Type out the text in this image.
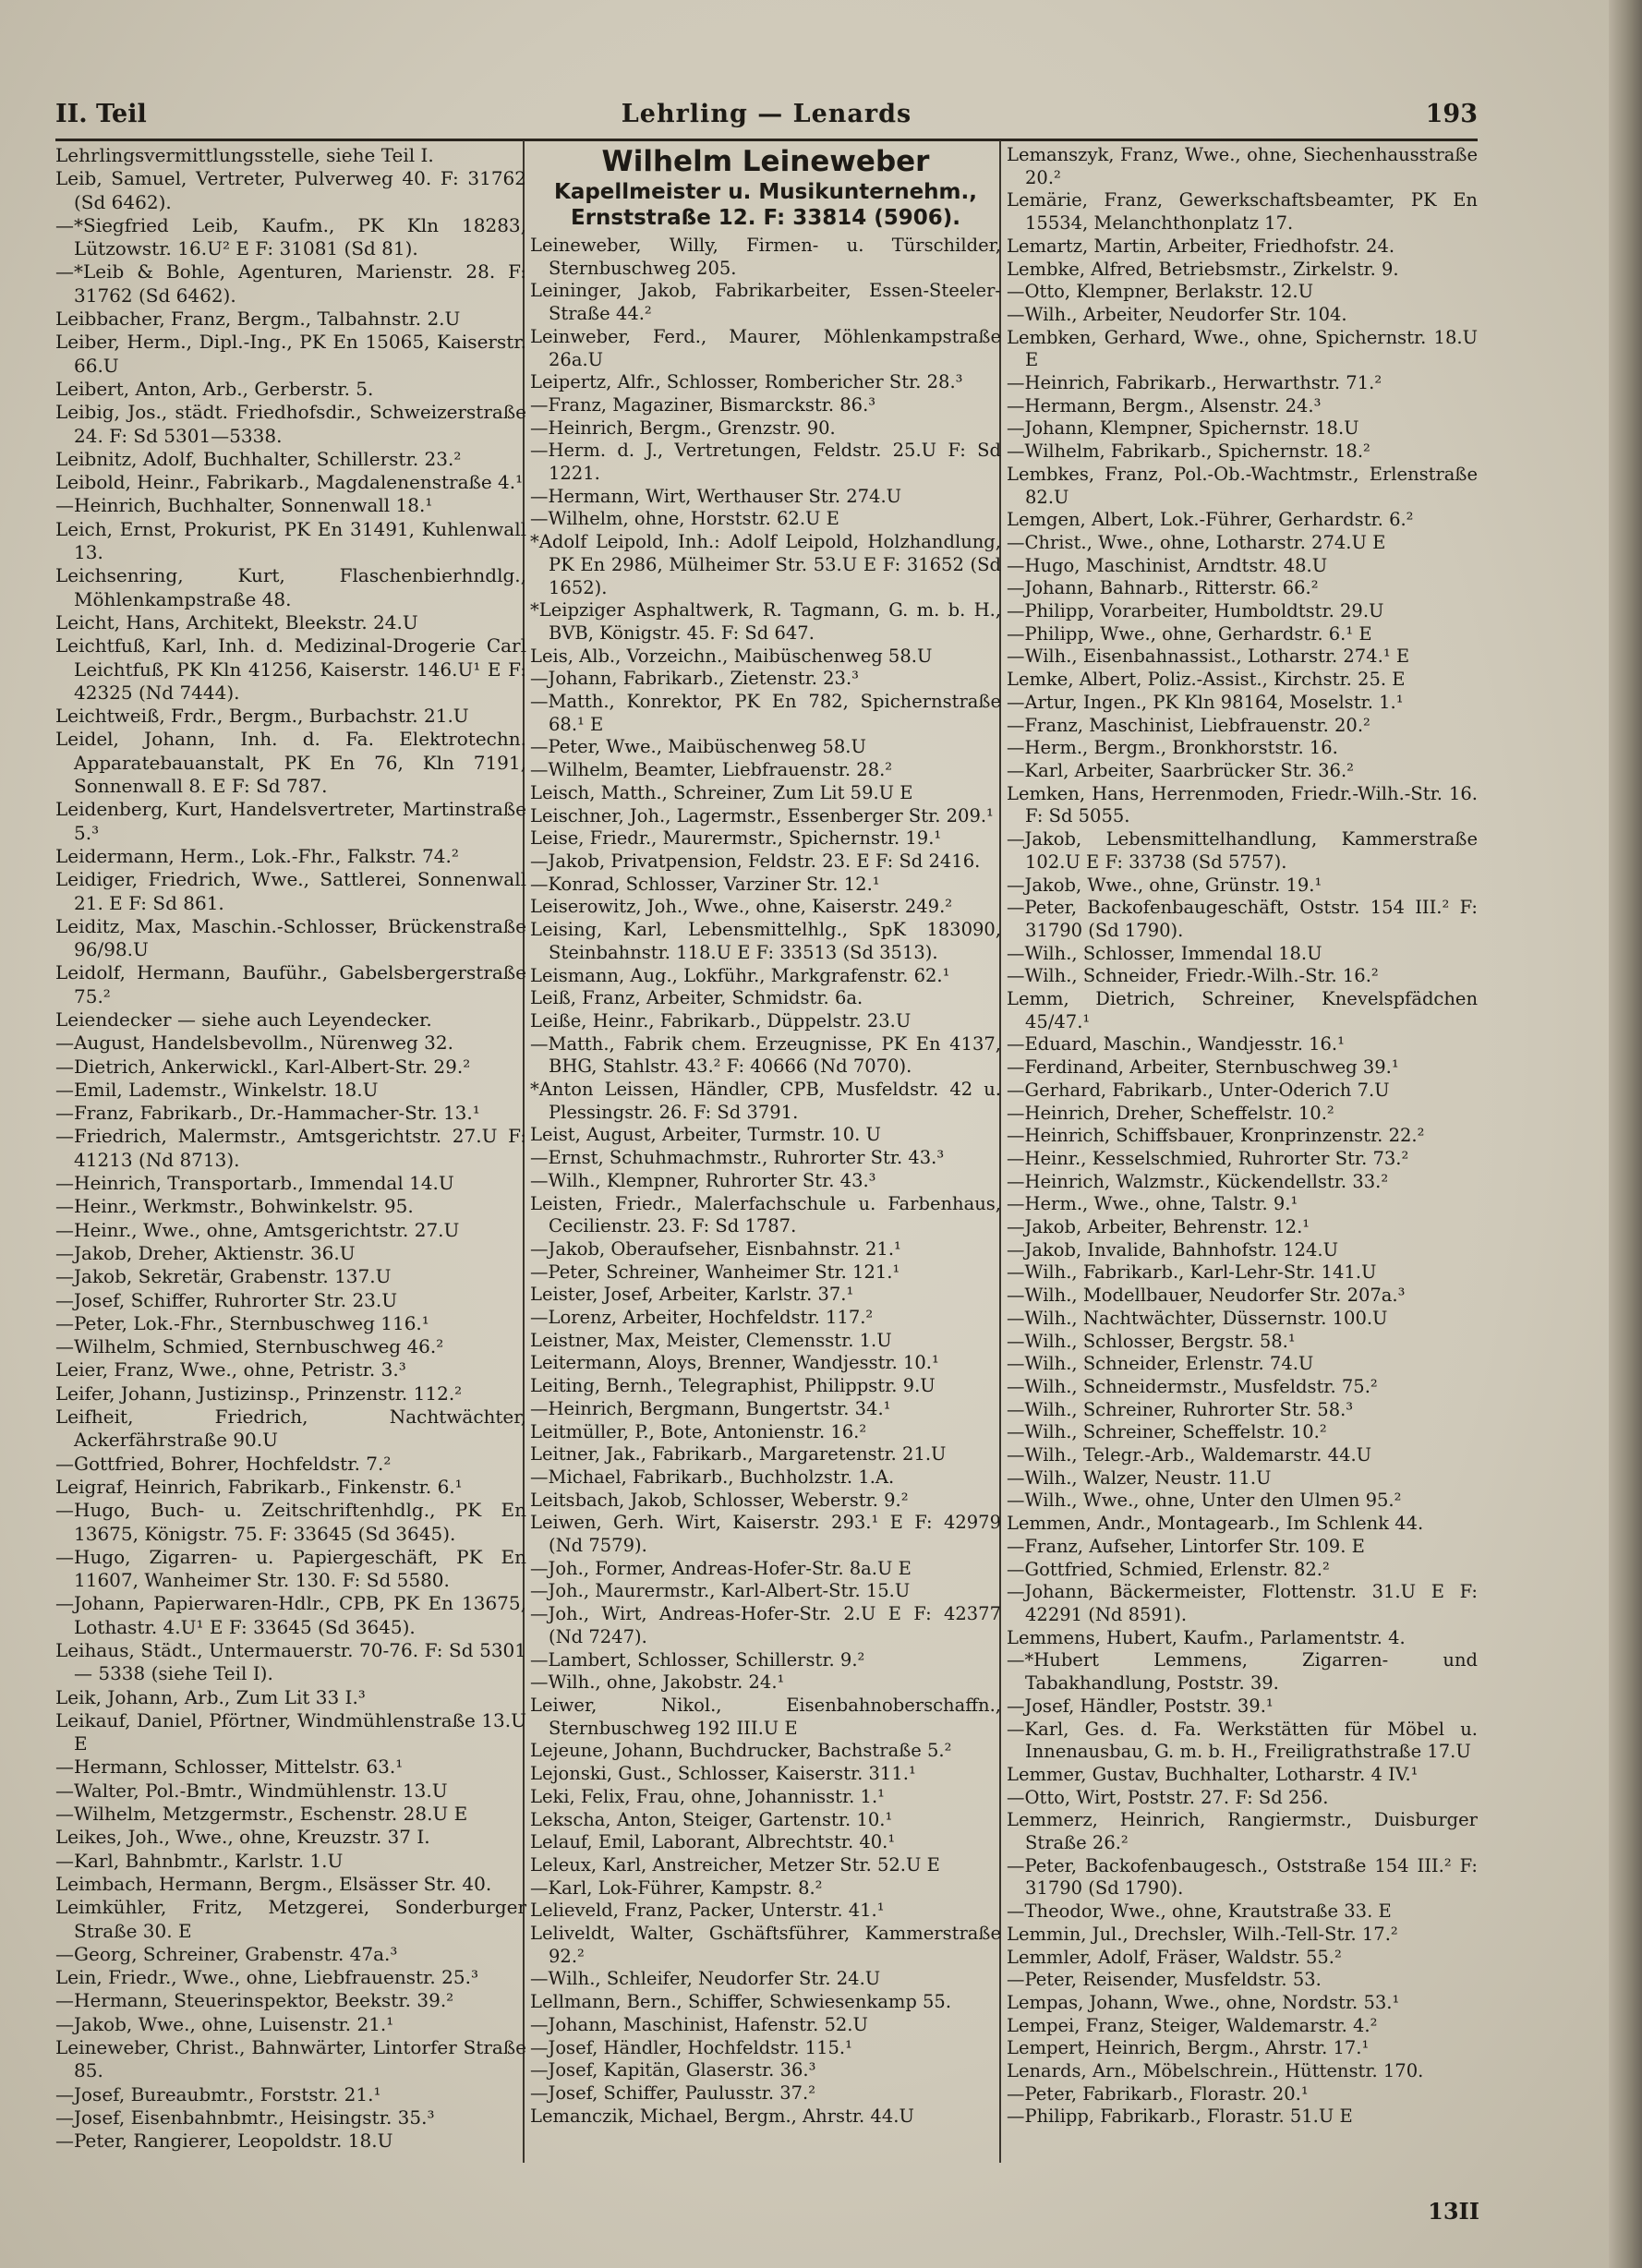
II. Teil	Lehrling — Lenards	193
Lehrlingsvermittlungsstelle, siehe Teil I.
Leib, Samuel, Vertreter, Pulverweg 40. F: 31762 (Sd 6462).
—*Siegfried Leib, Kaufm., PK Kln 18283, Lützowstr. 16.U² E F: 31081 (Sd 81).
—*Leib & Bohle, Agenturen, Marienstr. 28. F: 31762 (Sd 6462).
Leibbacher, Franz, Bergm., Talbahnstr. 2.U
Leiber, Herm., Dipl.-Ing., PK En 15065, Kaiserstr. 66.U
Leibert, Anton, Arb., Gerberstr. 5.
Leibig, Jos., städt. Friedhofsdir., Schweizerstraße 24. F: Sd 5301—5338.
Leibnitz, Adolf, Buchhalter, Schillerstr. 23.²
Leibold, Heinr., Fabrikarb., Magdalenenstraße 4.¹
—Heinrich, Buchhalter, Sonnenwall 18.¹
Leich, Ernst, Prokurist, PK En 31491, Kuhlenwall 13.
Leichsenring, Kurt, Flaschenbierhndlg., Möhlenkampstraße 48.
Leicht, Hans, Architekt, Bleekstr. 24.U
Leichtfuß, Karl, Inh. d. Medizinal-Drogerie Carl Leichtfuß, PK Kln 41256, Kaiserstr. 146.U¹ E F: 42325 (Nd 7444).
Leichtweiß, Frdr., Bergm., Burbachstr. 21.U
Leidel, Johann, Inh. d. Fa. Elektrotechn. Apparatebauanstalt, PK En 76, Kln 7191, Sonnenwall 8. E F: Sd 787.
Leidenberg, Kurt, Handelsvertreter, Martinstraße 5.³
Leidermann, Herm., Lok.-Fhr., Falkstr. 74.²
Leidiger, Friedrich, Wwe., Sattlerei, Sonnenwall 21. E F: Sd 861.
Leiditz, Max, Maschin.-Schlosser, Brückenstraße 96/98.U
Leidolf, Hermann, Bauführ., Gabelsbergerstraße 75.²
Leiendecker — siehe auch Leyendecker.
—August, Handelsbevollm., Nürenweg 32.
—Dietrich, Ankerwickl., Karl-Albert-Str. 29.²
—Emil, Lademstr., Winkelstr. 18.U
—Franz, Fabrikarb., Dr.-Hammacher-Str. 13.¹
—Friedrich, Malermstr., Amtsgerichtstr. 27.U F: 41213 (Nd 8713).
—Heinrich, Transportarb., Immendal 14.U
—Heinr., Werkmstr., Bohwinkelstr. 95.
—Heinr., Wwe., ohne, Amtsgerichtstr. 27.U
—Jakob, Dreher, Aktienstr. 36.U
—Jakob, Sekretär, Grabenstr. 137.U
—Josef, Schiffer, Ruhrorter Str. 23.U
—Peter, Lok.-Fhr., Sternbuschweg 116.¹
—Wilhelm, Schmied, Sternbuschweg 46.²
Leier, Franz, Wwe., ohne, Petristr. 3.³
Leifer, Johann, Justizinsp., Prinzenstr. 112.²
Leifheit, Friedrich, Nachtwächter, Ackerfährstraße 90.U
—Gottfried, Bohrer, Hochfeldstr. 7.²
Leigraf, Heinrich, Fabrikarb., Finkenstr. 6.¹
—Hugo, Buch- u. Zeitschriftenhdlg., PK En 13675, Königstr. 75. F: 33645 (Sd 3645).
—Hugo, Zigarren- u. Papiergeschäft, PK En 11607, Wanheimer Str. 130. F: Sd 5580.
—Johann, Papierwaren-Hdlr., CPB, PK En 13675, Lothastr. 4.U¹ E F: 33645 (Sd 3645).
Leihaus, Städt., Untermauerstr. 70-76. F: Sd 5301— 5338 (siehe Teil I).
Leik, Johann, Arb., Zum Lit 33 I.³
Leikauf, Daniel, Pförtner, Windmühlenstraße 13.U E
—Hermann, Schlosser, Mittelstr. 63.¹
—Walter, Pol.-Bmtr., Windmühlenstr. 13.U
—Wilhelm, Metzgermstr., Eschenstr. 28.U E
Leikes, Joh., Wwe., ohne, Kreuzstr. 37 I.
—Karl, Bahnbmtr., Karlstr. 1.U
Leimbach, Hermann, Bergm., Elsässer Str. 40.
Leimkühler, Fritz, Metzgerei, Sonderburger Straße 30. E
—Georg, Schreiner, Grabenstr. 47a.³
Lein, Friedr., Wwe., ohne, Liebfrauenstr. 25.³
—Hermann, Steuerinspektor, Beekstr. 39.²
—Jakob, Wwe., ohne, Luisenstr. 21.¹
Leineweber, Christ., Bahnwärter, Lintorfer Straße 85.
—Josef, Bureaubmtr., Forststr. 21.¹
—Josef, Eisenbahnbmtr., Heisingstr. 35.³
—Peter, Rangierer, Leopoldstr. 18.U
Wilhelm Leineweber
Kapellmeister u. Musikunternehm.,
Ernststraße 12. F: 33814 (5906).
Leineweber, Willy, Firmen- u. Türschilder, Sternbuschweg 205.
Leininger, Jakob, Fabrikarbeiter, Essen-Steeler-Straße 44.²
Leinweber, Ferd., Maurer, Möhlenkampstraße 26a.U
Leipertz, Alfr., Schlosser, Rombericher Str. 28.³
—Franz, Magaziner, Bismarckstr. 86.³
—Heinrich, Bergm., Grenzstr. 90.
—Herm. d. J., Vertretungen, Feldstr. 25.U F: Sd 1221.
—Hermann, Wirt, Werthauser Str. 274.U
—Wilhelm, ohne, Horststr. 62.U E
*Adolf Leipold, Inh.: Adolf Leipold, Holzhandlung, PK En 2986, Mülheimer Str. 53.U E F: 31652 (Sd 1652).
*Leipziger Asphaltwerk, R. Tagmann, G. m. b. H., BVB, Königstr. 45. F: Sd 647.
Leis, Alb., Vorzeichn., Maibüschenweg 58.U
—Johann, Fabrikarb., Zietenstr. 23.³
—Matth., Konrektor, PK En 782, Spichernstraße 68.¹ E
—Peter, Wwe., Maibüschenweg 58.U
—Wilhelm, Beamter, Liebfrauenstr. 28.²
Leisch, Matth., Schreiner, Zum Lit 59.U E
Leischner, Joh., Lagermstr., Essenberger Str. 209.¹
Leise, Friedr., Maurermstr., Spichernstr. 19.¹
—Jakob, Privatpension, Feldstr. 23. E F: Sd 2416.
—Konrad, Schlosser, Varziner Str. 12.¹
Leiserowitz, Joh., Wwe., ohne, Kaiserstr. 249.²
Leising, Karl, Lebensmittelhlg., SpK 183090, Steinbahnstr. 118.U E F: 33513 (Sd 3513).
Leismann, Aug., Lokführ., Markgrafenstr. 62.¹
Leiß, Franz, Arbeiter, Schmidstr. 6a.
Leiße, Heinr., Fabrikarb., Düppelstr. 23.U
—Matth., Fabrik chem. Erzeugnisse, PK En 4137, BHG, Stahlstr. 43.² F: 40666 (Nd 7070).
*Anton Leissen, Händler, CPB, Musfeldstr. 42 u. Plessingstr. 26. F: Sd 3791.
Leist, August, Arbeiter, Turmstr. 10. U
—Ernst, Schuhmachmstr., Ruhrorter Str. 43.³
—Wilh., Klempner, Ruhrorter Str. 43.³
Leisten, Friedr., Malerfachschule u. Farbenhaus, Cecilienstr. 23. F: Sd 1787.
—Jakob, Oberaufseher, Eisnbahnstr. 21.¹
—Peter, Schreiner, Wanheimer Str. 121.¹
Leister, Josef, Arbeiter, Karlstr. 37.¹
—Lorenz, Arbeiter, Hochfeldstr. 117.²
Leistner, Max, Meister, Clemensstr. 1.U
Leitermann, Aloys, Brenner, Wandjesstr. 10.¹
Leiting, Bernh., Telegraphist, Philippstr. 9.U
—Heinrich, Bergmann, Bungertstr. 34.¹
Leitmüller, P., Bote, Antonienstr. 16.²
Leitner, Jak., Fabrikarb., Margaretenstr. 21.U
—Michael, Fabrikarb., Buchholzstr. 1.A.
Leitsbach, Jakob, Schlosser, Weberstr. 9.²
Leiwen, Gerh. Wirt, Kaiserstr. 293.¹ E F: 42979 (Nd 7579).
—Joh., Former, Andreas-Hofer-Str. 8a.U E
—Joh., Maurermstr., Karl-Albert-Str. 15.U
—Joh., Wirt, Andreas-Hofer-Str. 2.U E F: 42377 (Nd 7247).
—Lambert, Schlosser, Schillerstr. 9.²
—Wilh., ohne, Jakobstr. 24.¹
Leiwer, Nikol., Eisenbahnoberschaffn., Sternbuschweg 192 III.U E
Lejeune, Johann, Buchdrucker, Bachstraße 5.²
Lejonski, Gust., Schlosser, Kaiserstr. 311.¹
Leki, Felix, Frau, ohne, Johannisstr. 1.¹
Lekscha, Anton, Steiger, Gartenstr. 10.¹
Lelauf, Emil, Laborant, Albrechtstr. 40.¹
Leleux, Karl, Anstreicher, Metzer Str. 52.U E
—Karl, Lok-Führer, Kampstr. 8.²
Lelieveld, Franz, Packer, Unterstr. 41.¹
Leliveldt, Walter, Gschäftsführer, Kammerstraße 92.²
—Wilh., Schleifer, Neudorfer Str. 24.U
Lellmann, Bern., Schiffer, Schwiesenkamp 55.
—Johann, Maschinist, Hafenstr. 52.U
—Josef, Händler, Hochfeldstr. 115.¹
—Josef, Kapitän, Glaserstr. 36.³
—Josef, Schiffer, Paulusstr. 37.²
Lemanczik, Michael, Bergm., Ahrstr. 44.U
Lemanszyk, Franz, Wwe., ohne, Siechenhausstraße 20.²
Lemärie, Franz, Gewerkschaftsbeamter, PK En 15534, Melanchthonplatz 17.
Lemartz, Martin, Arbeiter, Friedhofstr. 24.
Lembke, Alfred, Betriebsmstr., Zirkelstr. 9.
—Otto, Klempner, Berlakstr. 12.U
—Wilh., Arbeiter, Neudorfer Str. 104.
Lembken, Gerhard, Wwe., ohne, Spichernstr. 18.U E
—Heinrich, Fabrikarb., Herwarthstr. 71.²
—Hermann, Bergm., Alsenstr. 24.³
—Johann, Klempner, Spichernstr. 18.U
—Wilhelm, Fabrikarb., Spichernstr. 18.²
Lembkes, Franz, Pol.-Ob.-Wachtmstr., Erlenstraße 82.U
Lemgen, Albert, Lok.-Führer, Gerhardstr. 6.²
—Christ., Wwe., ohne, Lotharstr. 274.U E
—Hugo, Maschinist, Arndtstr. 48.U
—Johann, Bahnarb., Ritterstr. 66.²
—Philipp, Vorarbeiter, Humboldtstr. 29.U
—Philipp, Wwe., ohne, Gerhardstr. 6.¹ E
—Wilh., Eisenbahnassist., Lotharstr. 274.¹ E
Lemke, Albert, Poliz.-Assist., Kirchstr. 25. E
—Artur, Ingen., PK Kln 98164, Moselstr. 1.¹
—Franz, Maschinist, Liebfrauenstr. 20.²
—Herm., Bergm., Bronkhorststr. 16.
—Karl, Arbeiter, Saarbrücker Str. 36.²
Lemken, Hans, Herrenmoden, Friedr.-Wilh.-Str. 16. F: Sd 5055.
—Jakob, Lebensmittelhandlung, Kammerstraße 102.U E F: 33738 (Sd 5757).
—Jakob, Wwe., ohne, Grünstr. 19.¹
—Peter, Backofenbaugeschäft, Oststr. 154 III.² F: 31790 (Sd 1790).
—Wilh., Schlosser, Immendal 18.U
—Wilh., Schneider, Friedr.-Wilh.-Str. 16.²
Lemm, Dietrich, Schreiner, Knevelspfädchen 45/47.¹
—Eduard, Maschin., Wandjesstr. 16.¹
—Ferdinand, Arbeiter, Sternbuschweg 39.¹
—Gerhard, Fabrikarb., Unter-Oderich 7.U
—Heinrich, Dreher, Scheffelstr. 10.²
—Heinrich, Schiffsbauer, Kronprinzenstr. 22.²
—Heinr., Kesselschmied, Ruhrorter Str. 73.²
—Heinrich, Walzmstr., Kückendellstr. 33.²
—Herm., Wwe., ohne, Talstr. 9.¹
—Jakob, Arbeiter, Behrenstr. 12.¹
—Jakob, Invalide, Bahnhofstr. 124.U
—Wilh., Fabrikarb., Karl-Lehr-Str. 141.U
—Wilh., Modellbauer, Neudorfer Str. 207a.³
—Wilh., Nachtwächter, Düssernstr. 100.U
—Wilh., Schlosser, Bergstr. 58.¹
—Wilh., Schneider, Erlenstr. 74.U
—Wilh., Schneidermstr., Musfeldstr. 75.²
—Wilh., Schreiner, Ruhrorter Str. 58.³
—Wilh., Schreiner, Scheffelstr. 10.²
—Wilh., Telegr.-Arb., Waldemarstr. 44.U
—Wilh., Walzer, Neustr. 11.U
—Wilh., Wwe., ohne, Unter den Ulmen 95.²
Lemmen, Andr., Montagearb., Im Schlenk 44.
—Franz, Aufseher, Lintorfer Str. 109. E
—Gottfried, Schmied, Erlenstr. 82.²
—Johann, Bäckermeister, Flottenstr. 31.U E F: 42291 (Nd 8591).
Lemmens, Hubert, Kaufm., Parlamentstr. 4.
—*Hubert Lemmens, Zigarren- und Tabakhandlung, Poststr. 39.
—Josef, Händler, Poststr. 39.¹
—Karl, Ges. d. Fa. Werkstätten für Möbel u. Innenausbau, G. m. b. H., Freiligrathstraße 17.U
Lemmer, Gustav, Buchhalter, Lotharstr. 4 IV.¹
—Otto, Wirt, Poststr. 27. F: Sd 256.
Lemmerz, Heinrich, Rangiermstr., Duisburger Straße 26.²
—Peter, Backofenbaugesch., Oststraße 154 III.² F: 31790 (Sd 1790).
—Theodor, Wwe., ohne, Krautstraße 33. E
Lemmin, Jul., Drechsler, Wilh.-Tell-Str. 17.²
Lemmler, Adolf, Fräser, Waldstr. 55.²
—Peter, Reisender, Musfeldstr. 53.
Lempas, Johann, Wwe., ohne, Nordstr. 53.¹
Lempei, Franz, Steiger, Waldemarstr. 4.²
Lempert, Heinrich, Bergm., Ahrstr. 17.¹
Lenards, Arn., Möbelschrein., Hüttenstr. 170.
—Peter, Fabrikarb., Florastr. 20.¹
—Philipp, Fabrikarb., Florastr. 51.U E
13II
